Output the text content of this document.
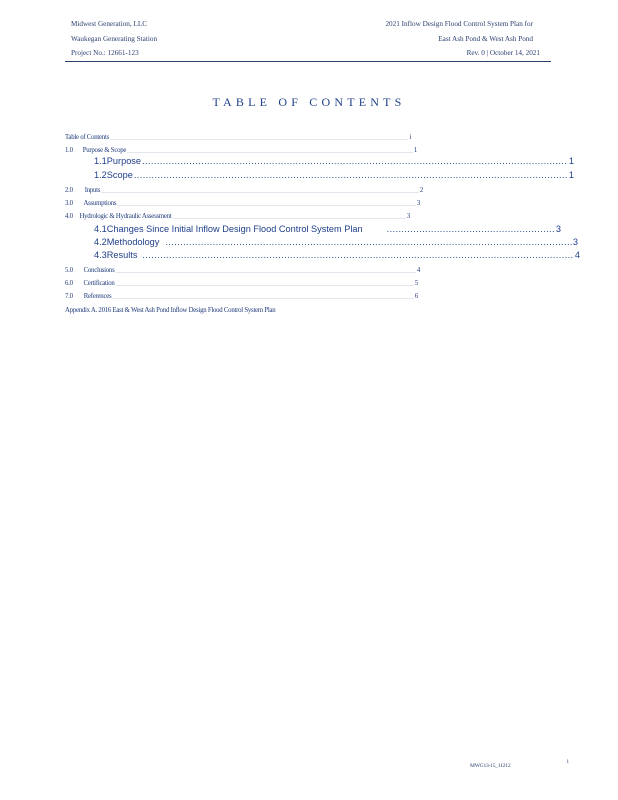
Midwest Generation, LLC
Waukegan Generating Station
Project No.: 12661-123
2021 Inflow Design Flood Control System Plan for
East Ash Pond & West Ash Pond
Rev. 0 | October 14, 2021
TABLE OF CONTENTS
Table of Contents .....	i
1.0	Purpose & Scope .....	1
1.1 Purpose .....	1
1.2 Scope .....	1
2.0	Inputs .....	2
3.0	Assumptions .....	3
4.0 Hydrologic & Hydraulic Assessment .....	3
4.1 Changes Since Initial Inflow Design Flood Control System Plan .....	3
4.2 Methodology .....	3
4.3 Results .....	4
5.0	Conclusions .....	4
6.0	Certification .....	5
7.0	References .....	6
Appendix A. 2016 East & West Ash Pond Inflow Design Flood Control System Plan
MWG13-15_11212
i
